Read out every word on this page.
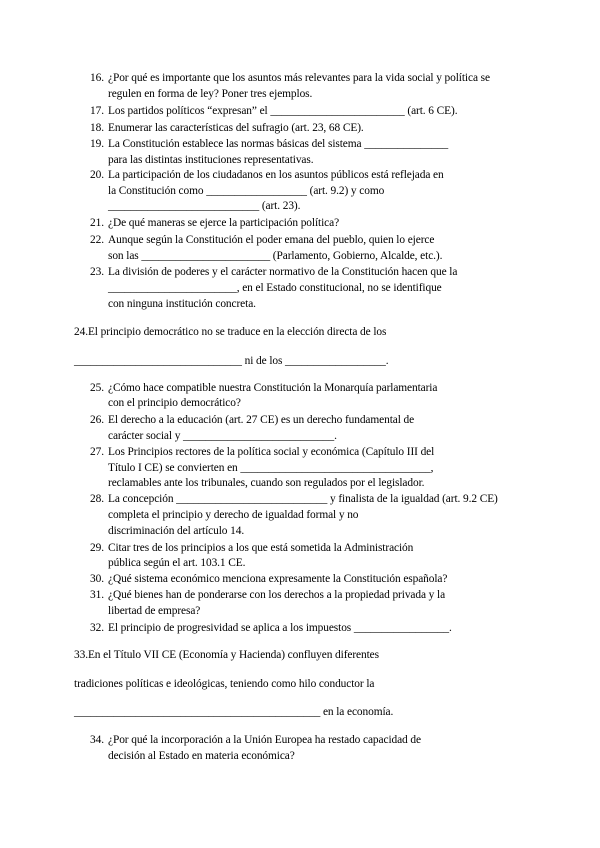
16. ¿Por qué es importante que los asuntos más relevantes para la vida social y política se
regulen en forma de ley? Poner tres ejemplos.
17. Los partidos políticos “expresan” el ________________________ (art. 6 CE).
18. Enumerar las características del sufragio (art. 23, 68 CE).
19. La Constitución establece las normas básicas del sistema _______________
para las distintas instituciones representativas.
20. La participación de los ciudadanos en los asuntos públicos está reflejada en
la Constitución como __________________ (art. 9.2) y como
___________________________ (art. 23).
21. ¿De qué maneras se ejerce la participación política?
22. Aunque según la Constitución el poder emana del pueblo, quien lo ejerce
son las _______________________ (Parlamento, Gobierno, Alcalde, etc.).
23. La división de poderes y el carácter normativo de la Constitución hacen que la
_______________________, en el Estado constitucional, no se identifique
con ninguna institución concreta.
24.El principio democrático no se traduce en la elección directa de los
______________________________ ni de los __________________.
25. ¿Cómo hace compatible nuestra Constitución la Monarquía parlamentaria
con el principio democrático?
26. El derecho a la educación (art. 27 CE) es un derecho fundamental de
carácter social y ___________________________.
27. Los Principios rectores de la política social y económica (Capítulo III del
Título I CE) se convierten en __________________________________,
reclamables ante los tribunales, cuando son regulados por el legislador.
28. La concepción ___________________________ y finalista de la igualdad (art. 9.2 CE)
completa el principio y derecho de igualdad formal y no
discriminación del artículo 14.
29. Citar tres de los principios a los que está sometida la Administración
pública según el art. 103.1 CE.
30. ¿Qué sistema económico menciona expresamente la Constitución española?
31. ¿Qué bienes han de ponderarse con los derechos a la propiedad privada y la
libertad de empresa?
32. El principio de progresividad se aplica a los impuestos _________________.
33.En el Título VII CE (Economía y Hacienda) confluyen diferentes
tradiciones políticas e ideológicas, teniendo como hilo conductor la
____________________________________________ en la economía.
34. ¿Por qué la incorporación a la Unión Europea ha restado capacidad de
decisión al Estado en materia económica?
